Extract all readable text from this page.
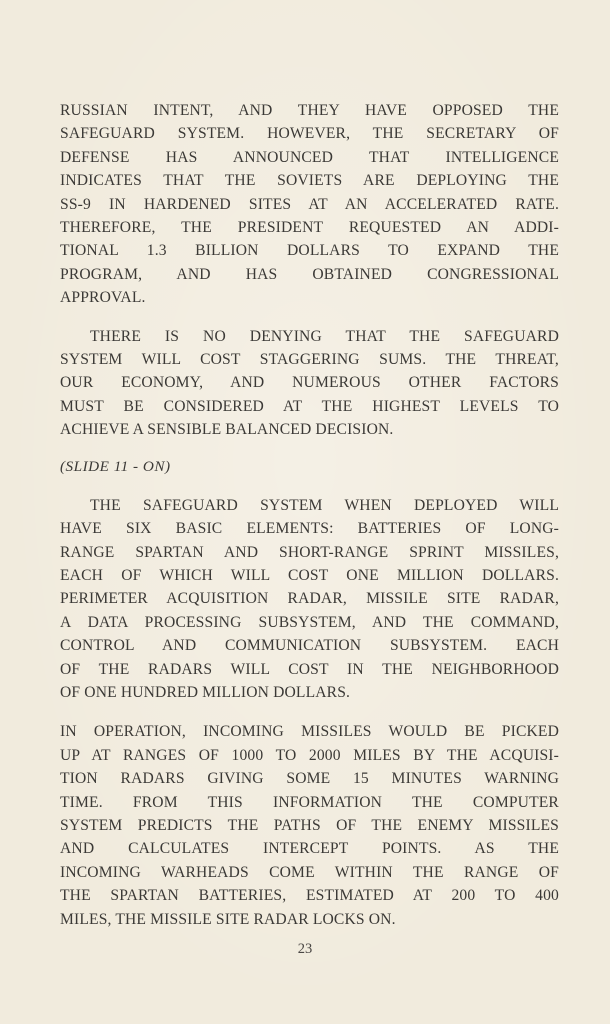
RUSSIAN INTENT, AND THEY HAVE OPPOSED THE
SAFEGUARD SYSTEM. HOWEVER, THE SECRETARY OF
DEFENSE HAS ANNOUNCED THAT INTELLIGENCE
INDICATES THAT THE SOVIETS ARE DEPLOYING THE
SS-9 IN HARDENED SITES AT AN ACCELERATED RATE.
THEREFORE, THE PRESIDENT REQUESTED AN ADDI-
TIONAL 1.3 BILLION DOLLARS TO EXPAND THE
PROGRAM, AND HAS OBTAINED CONGRESSIONAL
APPROVAL.

THERE IS NO DENYING THAT THE SAFEGUARD
SYSTEM WILL COST STAGGERING SUMS. THE THREAT,
OUR ECONOMY, AND NUMEROUS OTHER FACTORS
MUST BE CONSIDERED AT THE HIGHEST LEVELS TO
ACHIEVE A SENSIBLE BALANCED DECISION.

(SLIDE 11 - ON)

THE SAFEGUARD SYSTEM WHEN DEPLOYED WILL
HAVE SIX BASIC ELEMENTS: BATTERIES OF LONG-
RANGE SPARTAN AND SHORT-RANGE SPRINT MISSILES,
EACH OF WHICH WILL COST ONE MILLION DOLLARS.
PERIMETER ACQUISITION RADAR, MISSILE SITE RADAR,
A DATA PROCESSING SUBSYSTEM, AND THE COMMAND,
CONTROL AND COMMUNICATION SUBSYSTEM. EACH
OF THE RADARS WILL COST IN THE NEIGHBORHOOD
OF ONE HUNDRED MILLION DOLLARS.

IN OPERATION, INCOMING MISSILES WOULD BE PICKED
UP AT RANGES OF 1000 TO 2000 MILES BY THE ACQUISI-
TION RADARS GIVING SOME 15 MINUTES WARNING
TIME. FROM THIS INFORMATION THE COMPUTER
SYSTEM PREDICTS THE PATHS OF THE ENEMY MISSILES
AND CALCULATES INTERCEPT POINTS. AS THE
INCOMING WARHEADS COME WITHIN THE RANGE OF
THE SPARTAN BATTERIES, ESTIMATED AT 200 TO 400
MILES, THE MISSILE SITE RADAR LOCKS ON.

23
